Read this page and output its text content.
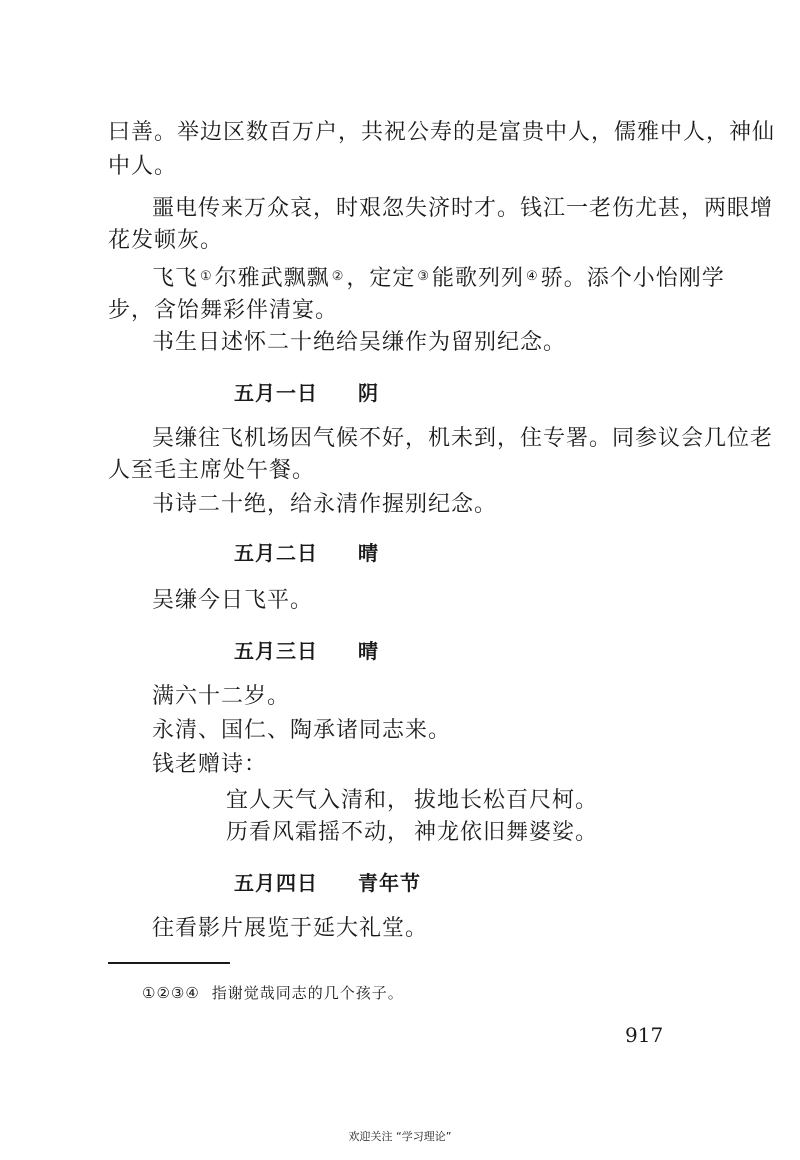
曰善。举边区数百万户，共祝公寿的是富贵中人，儒雅中人，神仙
中人。
噩电传来万众哀，时艰忽失济时才。钱江一老伤尤甚，两眼增
花发顿灰。
飞飞 ①尔雅武飘飘 ②，定定 ③能歌列列 ④骄。添个小怡刚学
步，含饴舞彩伴清宴。
书生日述怀二十绝给吴缣作为留别纪念。
五月一日 阴
吴缣往飞机场因气候不好，机未到，住专署。同参议会几位老
人至毛主席处午餐。
书诗二十绝，给永清作握别纪念。
五月二日 晴
吴缣今日飞平。
五月三日 晴
满六十二岁。
永清、国仁、陶承诸同志来。
钱老赠诗：
宜人天气入清和， 拔地长松百尺柯。
历看风霜摇不动， 神龙依旧舞婆娑。
五月四日 青年节
往看影片展览于延大礼堂。
①②③④ 指谢觉哉同志的几个孩子。
917
欢迎关注 “学习理论”
